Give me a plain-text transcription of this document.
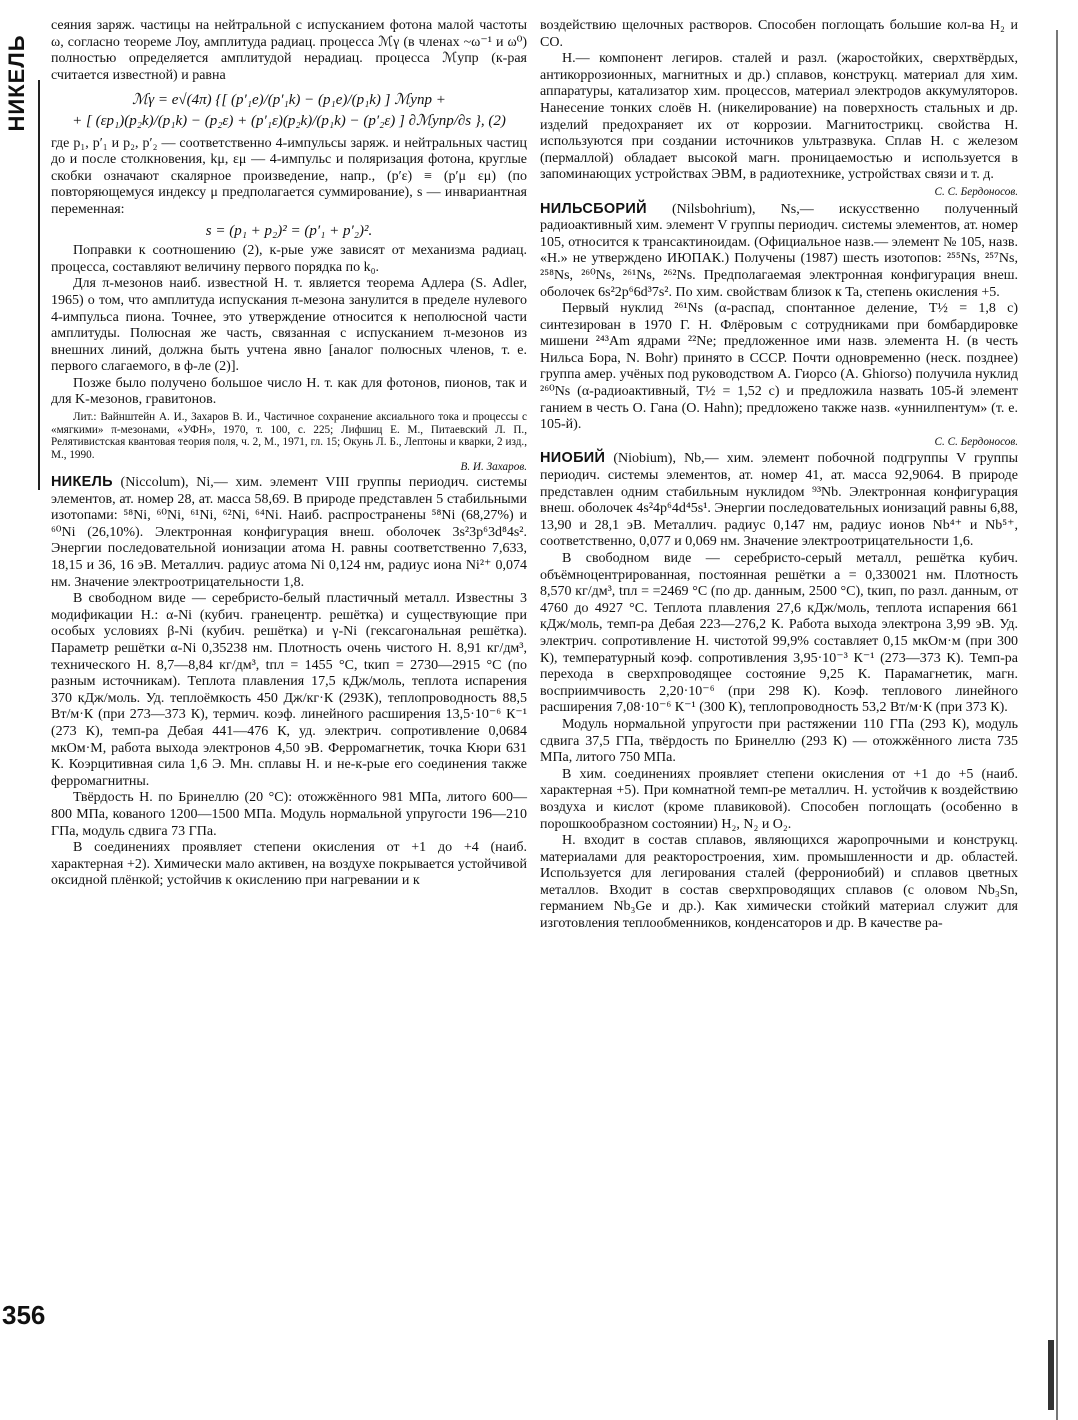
НИКЕЛЬ
356

сеяния заряж. частицы на нейтральной с испусканием фотона малой частоты ω, согласно теореме Лоу, амплитуда радиац. процесса ℳγ (в членах ~ω⁻¹ и ω⁰) полностью определяется амплитудой нерадиац. процесса ℳупр (к-рая считается известной) и равна

ℳγ = e√(4π) {[ (p′₁e)/(p′₁k) − (p₁e)/(p₁k) ] ℳупр +
+ [ (εp₁)(p₂k)/(p₁k) − (p₂ε) + (p′₁ε)(p₂k)/(p₁k) − (p′₂ε) ] ∂ℳупр/∂s }, (2)

где p₁, p′₁ и p₂, p′₂ — соответственно 4-импульсы заряж. и нейтральных частиц до и после столкновения, kμ, εμ — 4-импульс и поляризация фотона, круглые скобки означают скалярное произведение, напр., (p′ε) ≡ (p′μ εμ) (по повторяющемуся индексу μ предполагается суммирование), s — инвариантная переменная:

s = (p₁ + p₂)² = (p′₁ + p′₂)².

Поправки к соотношению (2), к-рые уже зависят от механизма радиац. процесса, составляют величину первого порядка по k₀.

Для π-мезонов наиб. известной Н. т. является теорема Адлера (S. Adler, 1965) о том, что амплитуда испускания π-мезона занулится в пределе нулевого 4-импульса пиона. Точнее, это утверждение относится к неполюсной части амплитуды. Полюсная же часть, связанная с испусканием π-мезонов из внешних линий, должна быть учтена явно [аналог полюсных членов, т. е. первого слагаемого, в ф-ле (2)].

Позже было получено большое число Н. т. как для фотонов, пионов, так и для K-мезонов, гравитонов.

Лит.: Вайнштейн А. И., Захаров В. И., Частичное сохранение аксиального тока и процессы с «мягкими» π-мезонами, «УФН», 1970, т. 100, с. 225; Лифшиц Е. М., Питаевский Л. П., Релятивистская квантовая теория поля, ч. 2, М., 1971, гл. 15; Окунь Л. Б., Лептоны и кварки, 2 изд., М., 1990.

В. И. Захаров.

НИКЕЛЬ (Niccolum), Ni,— хим. элемент VIII группы периодич. системы элементов, ат. номер 28, ат. масса 58,69. В природе представлен 5 стабильными изотопами: ⁵⁸Ni, ⁶⁰Ni, ⁶¹Ni, ⁶²Ni, ⁶⁴Ni. Наиб. распространены ⁵⁸Ni (68,27%) и ⁶⁰Ni (26,10%). Электронная конфигурация внеш. оболочек 3s²3p⁶3d⁸4s². Энергии последовательной ионизации атома Н. равны соответственно 7,633, 18,15 и 36, 16 эВ. Металлич. радиус атома Ni 0,124 нм, радиус иона Ni²⁺ 0,074 нм. Значение электроотрицательности 1,8.

В свободном виде — серебристо-белый пластичный металл. Известны 3 модификации Н.: α-Ni (кубич. гранецентр. решётка) и существующие при особых условиях β-Ni (кубич. решётка) и γ-Ni (гексагональная решётка). Параметр решётки α-Ni 0,35238 нм. Плотность очень чистого Н. 8,91 кг/дм³, технического Н. 8,7—8,84 кг/дм³, tпл = 1455 °С, tкип = 2730—2915 °С (по разным источникам). Теплота плавления 17,5 кДж/моль, теплота испарения 370 кДж/моль. Уд. теплоёмкость 450 Дж/кг·К (293К), теплопроводность 88,5 Вт/м·К (при 273—373 К), термич. коэф. линейного расширения 13,5·10⁻⁶ К⁻¹ (273 К), темп-ра Дебая 441—476 К, уд. электрич. сопротивление 0,0684 мкОм·М, работа выхода электронов 4,50 эВ. Ферромагнетик, точка Кюри 631 К. Коэрцитивная сила 1,6 Э. Мн. сплавы Н. и не-к-рые его соединения также ферромагнитны.

Твёрдость Н. по Бринеллю (20 °С): отожжённого 981 МПа, литого 600—800 МПа, кованого 1200—1500 МПа. Модуль нормальной упругости 196—210 ГПа, модуль сдвига 73 ГПа.

В соединениях проявляет степени окисления от +1 до +4 (наиб. характерная +2). Химически мало активен, на воздухе покрывается устойчивой оксидной плёнкой; устойчив к окислению при нагревании и к

воздействию щелочных растворов. Способен поглощать большие кол-ва H₂ и CO.

Н.— компонент легиров. сталей и разл. (жаростойких, сверхтвёрдых, антикоррозионных, магнитных и др.) сплавов, конструкц. материал для хим. аппаратуры, катализатор хим. процессов, материал электродов аккумуляторов. Нанесение тонких слоёв Н. (никелирование) на поверхность стальных и др. изделий предохраняет их от коррозии. Магнитострикц. свойства Н. используются при создании источников ультразвука. Сплав Н. с железом (пермаллой) обладает высокой магн. проницаемостью и используется в запоминающих устройствах ЭВМ, в радиотехнике, устройствах связи и т. д.

С. С. Бердоносов.

НИЛЬСБОРИЙ (Nilsbohrium), Ns,— искусственно полученный радиоактивный хим. элемент V группы периодич. системы элементов, ат. номер 105, относится к трансактиноидам. (Официальное назв.— элемент № 105, назв. «Н.» не утверждено ИЮПАК.) Получены (1987) шесть изотопов: ²⁵⁵Ns, ²⁵⁷Ns, ²⁵⁸Ns, ²⁶⁰Ns, ²⁶¹Ns, ²⁶²Ns. Предполагаемая электронная конфигурация внеш. оболочек 6s²2p⁶6d³7s². По хим. свойствам близок к Ta, степень окисления +5.

Первый нуклид ²⁶¹Ns (α-распад, спонтанное деление, T½ = 1,8 с) синтезирован в 1970 Г. Н. Флёровым с сотрудниками при бомбардировке мишени ²⁴³Am ядрами ²²Ne; предложенное ими назв. элемента Н. (в честь Нильса Бора, N. Bohr) принято в СССР. Почти одновременно (неск. позднее) группа амер. учёных под руководством А. Гиорсо (A. Ghiorso) получила нуклид ²⁶⁰Ns (α-радиоактивный, T½ = 1,52 с) и предложила назвать 105-й элемент ганием в честь О. Гана (O. Hahn); предложено также назв. «уннилпентум» (т. е. 105-й).

С. С. Бердоносов.

НИОБИЙ (Niobium), Nb,— хим. элемент побочной подгруппы V группы периодич. системы элементов, ат. номер 41, ат. масса 92,9064. В природе представлен одним стабильным нуклидом ⁹³Nb. Электронная конфигурация внеш. оболочек 4s²4p⁶4d⁴5s¹. Энергии последовательных ионизаций равны 6,88, 13,90 и 28,1 эВ. Металлич. радиус 0,147 нм, радиус ионов Nb⁴⁺ и Nb⁵⁺, соответственно, 0,077 и 0,069 нм. Значение электроотрицательности 1,6.

В свободном виде — серебристо-серый металл, решётка кубич. объёмноцентрированная, постоянная решётки a = 0,330021 нм. Плотность 8,570 кг/дм³, tпл = =2469 °С (по др. данным, 2500 °С), tкип, по разл. данным, от 4760 до 4927 °С. Теплота плавления 27,6 кДж/моль, теплота испарения 661 кДж/моль, темп-ра Дебая 223—276,2 К. Работа выхода электрона 3,99 эВ. Уд. электрич. сопротивление Н. чистотой 99,9% составляет 0,15 мкОм·м (при 300 К), температурный коэф. сопротивления 3,95·10⁻³ К⁻¹ (273—373 К). Темп-ра перехода в сверхпроводящее состояние 9,25 К. Парамагнетик, магн. восприимчивость 2,20·10⁻⁶ (при 298 К). Коэф. теплового линейного расширения 7,08·10⁻⁶ К⁻¹ (300 К), теплопроводность 53,2 Вт/м·К (при 373 К).

Модуль нормальной упругости при растяжении 110 ГПа (293 К), модуль сдвига 37,5 ГПа, твёрдость по Бринеллю (293 К) — отожжённого листа 735 МПа, литого 750 МПа.

В хим. соединениях проявляет степени окисления от +1 до +5 (наиб. характерная +5). При комнатной темп-ре металлич. Н. устойчив к воздействию воздуха и кислот (кроме плавиковой). Способен поглощать (особенно в порошкообразном состоянии) H₂, N₂ и O₂.

Н. входит в состав сплавов, являющихся жаропрочными и конструкц. материалами для реакторостроения, хим. промышленности и др. областей. Используется для легирования сталей (феррониобий) и сплавов цветных металлов. Входит в состав сверхпроводящих сплавов (с оловом Nb₃Sn, германием Nb₃Ge и др.). Как химически стойкий материал служит для изготовления теплообменников, конденсаторов и др. В качестве ра-
